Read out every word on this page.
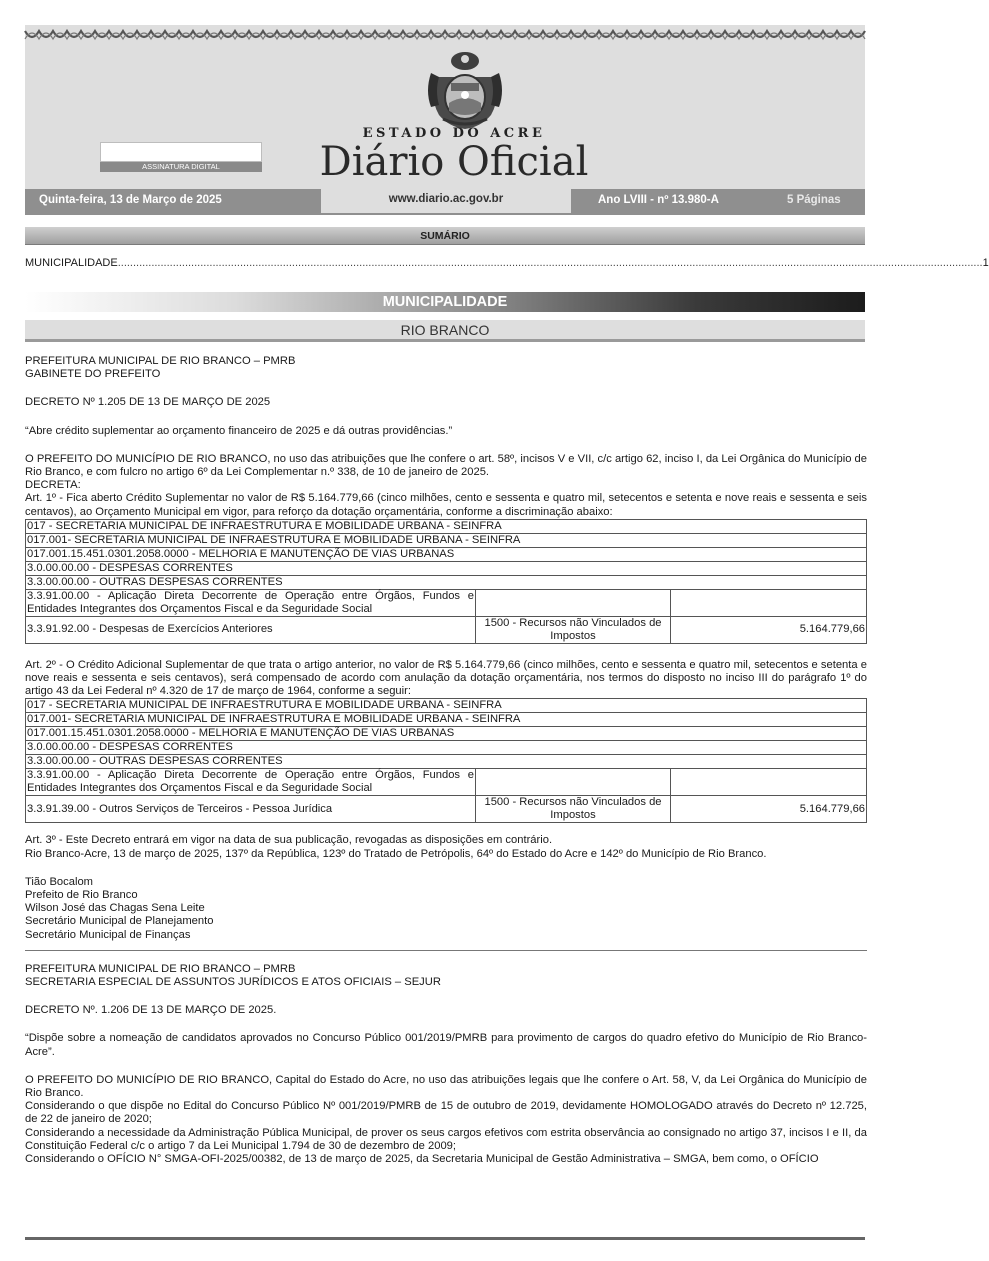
ESTADO DO ACRE
Diário Oficial
ASSINATURA DIGITAL
Quinta-feira, 13 de Março de 2025	www.diario.ac.gov.br	Ano LVIII - nº 13.980-A	5 Páginas
SUMÁRIO
MUNICIPALIDADE ........................................................................................................................................................................................................................................................................................... 1
MUNICIPALIDADE
RIO BRANCO

PREFEITURA MUNICIPAL DE RIO BRANCO – PMRB

GABINETE DO PREFEITO

DECRETO Nº 1.205 DE 13 DE MARÇO DE 2025

“Abre crédito suplementar ao orçamento financeiro de 2025 e dá outras providências.”

O PREFEITO DO MUNICÍPIO DE RIO BRANCO, no uso das atribuições que lhe confere o art. 58º, incisos V e VII, c/c artigo 62, inciso I, da Lei Orgânica do Município de Rio Branco, e com fulcro no artigo 6º da Lei Complementar n.º 338, de 10 de janeiro de 2025.

DECRETA:

Art. 1º - Fica aberto Crédito Suplementar no valor de R$ 5.164.779,66 (cinco milhões, cento e sessenta e quatro mil, setecentos e setenta e nove reais e sessenta e seis centavos), ao Orçamento Municipal em vigor, para reforço da dotação orçamentária, conforme a discriminação abaixo:

017 - SECRETARIA MUNICIPAL DE INFRAESTRUTURA E MOBILIDADE URBANA - SEINFRA		
017.001- SECRETARIA MUNICIPAL DE INFRAESTRUTURA E MOBILIDADE URBANA - SEINFRA		
017.001.15.451.0301.2058.0000 - MELHORIA E MANUTENÇÃO DE VIAS URBANAS		
3.0.00.00.00 - DESPESAS CORRENTES		
3.3.00.00.00 - OUTRAS DESPESAS CORRENTES		
3.3.91.00.00 - Aplicação Direta Decorrente de Operação entre Órgãos, Fundos e Entidades Integrantes dos Orçamentos Fiscal e da Seguridade Social		
3.3.91.92.00 - Despesas de Exercícios Anteriores	1500 - Recursos não Vinculados de Impostos	5.164.779,66

Art. 2º - O Crédito Adicional Suplementar de que trata o artigo anterior, no valor de R$ 5.164.779,66 (cinco milhões, cento e sessenta e quatro mil, setecentos e setenta e nove reais e sessenta e seis centavos), será compensado de acordo com anulação da dotação orçamentária, nos termos do disposto no inciso III do parágrafo 1º do artigo 43 da Lei Federal nº 4.320 de 17 de março de 1964, conforme a seguir:

017 - SECRETARIA MUNICIPAL DE INFRAESTRUTURA E MOBILIDADE URBANA - SEINFRA		
017.001- SECRETARIA MUNICIPAL DE INFRAESTRUTURA E MOBILIDADE URBANA - SEINFRA		
017.001.15.451.0301.2058.0000 - MELHORIA E MANUTENÇÃO DE VIAS URBANAS		
3.0.00.00.00 - DESPESAS CORRENTES		
3.3.00.00.00 - OUTRAS DESPESAS CORRENTES		
3.3.91.00.00 - Aplicação Direta Decorrente de Operação entre Órgãos, Fundos e Entidades Integrantes dos Orçamentos Fiscal e da Seguridade Social		
3.3.91.39.00 - Outros Serviços de Terceiros - Pessoa Jurídica	1500 - Recursos não Vinculados de Impostos	5.164.779,66

Art. 3º - Este Decreto entrará em vigor na data de sua publicação, revogadas as disposições em contrário.

Rio Branco-Acre, 13 de março de 2025, 137º da República, 123º do Tratado de Petrópolis, 64º do Estado do Acre e 142º do Município de Rio Branco.

Tião Bocalom

Prefeito de Rio Branco

Wilson José das Chagas Sena Leite

Secretário Municipal de Planejamento

Secretário Municipal de Finanças

PREFEITURA MUNICIPAL DE RIO BRANCO – PMRB

SECRETARIA ESPECIAL DE ASSUNTOS JURÍDICOS E ATOS OFICIAIS – SEJUR

DECRETO Nº. 1.206 DE 13 DE MARÇO DE 2025.

“Dispõe sobre a nomeação de candidatos aprovados no Concurso Público 001/2019/PMRB para provimento de cargos do quadro efetivo do Município de Rio Branco-Acre”.

O PREFEITO DO MUNICÍPIO DE RIO BRANCO, Capital do Estado do Acre, no uso das atribuições legais que lhe confere o Art. 58, V, da Lei Orgânica do Município de Rio Branco.

Considerando o que dispõe no Edital do Concurso Público Nº 001/2019/PMRB de 15 de outubro de 2019, devidamente HOMOLOGADO através do Decreto nº 12.725, de 22 de janeiro de 2020;

Considerando a necessidade da Administração Pública Municipal, de prover os seus cargos efetivos com estrita observância ao consignado no artigo 37, incisos I e II, da Constituição Federal c/c o artigo 7 da Lei Municipal 1.794 de 30 de dezembro de 2009;

Considerando o OFÍCIO N° SMGA-OFI-2025/00382, de 13 de março de 2025, da Secretaria Municipal de Gestão Administrativa – SMGA, bem como, o OFÍCIO
